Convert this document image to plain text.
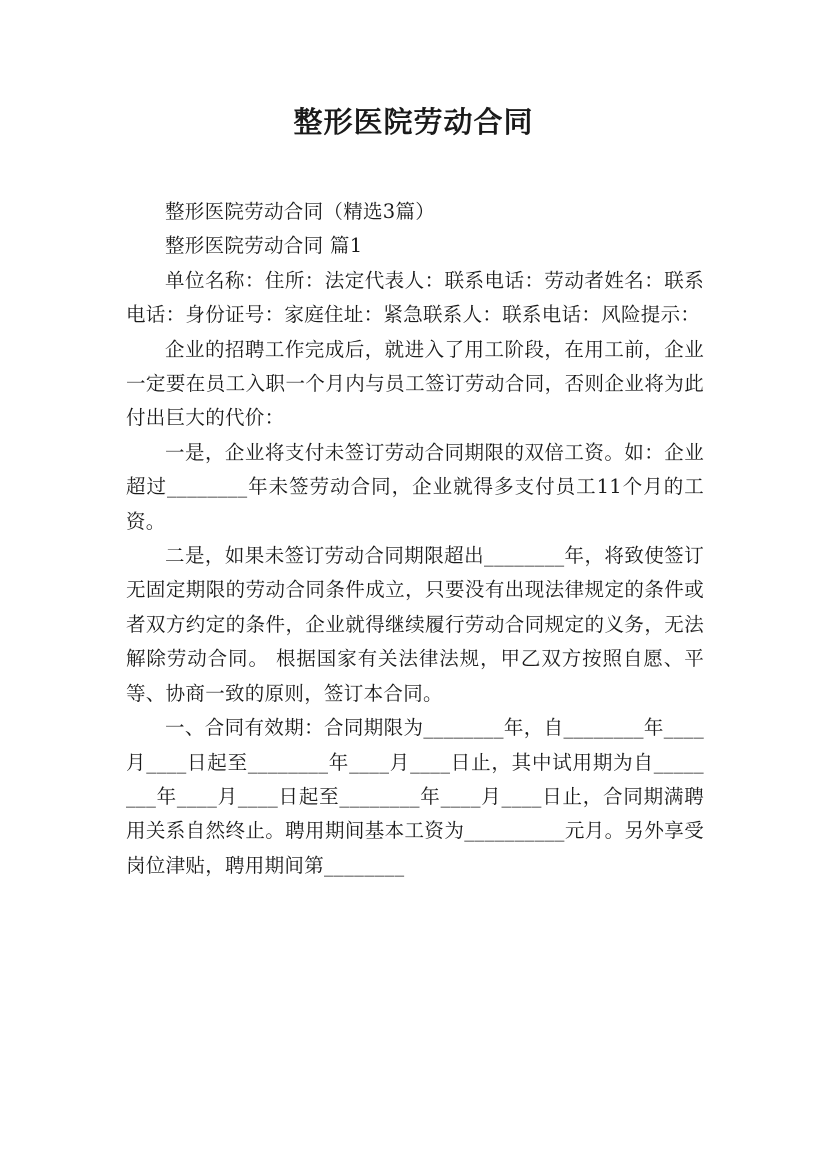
整形医院劳动合同

整形医院劳动合同（精选3篇）

整形医院劳动合同 篇1

单位名称：住所：法定代表人：联系电话：劳动者姓名：联系电话：身份证号：家庭住址：紧急联系人：联系电话：风险提示：

企业的招聘工作完成后，就进入了用工阶段，在用工前，企业一定要在员工入职一个月内与员工签订劳动合同，否则企业将为此付出巨大的代价：

一是，企业将支付未签订劳动合同期限的双倍工资。如：企业超过________年未签劳动合同，企业就得多支付员工11个月的工资。

二是，如果未签订劳动合同期限超出________年，将致使签订无固定期限的劳动合同条件成立，只要没有出现法律规定的条件或者双方约定的条件，企业就得继续履行劳动合同规定的义务，无法解除劳动合同。 根据国家有关法律法规，甲乙双方按照自愿、平等、协商一致的原则，签订本合同。

一、合同有效期：合同期限为________年，自________年____月____日起至________年____月____日止，其中试用期为自________年____月____日起至________年____月____日止，合同期满聘用关系自然终止。聘用期间基本工资为__________元月。另外享受岗位津贴，聘用期间第________
